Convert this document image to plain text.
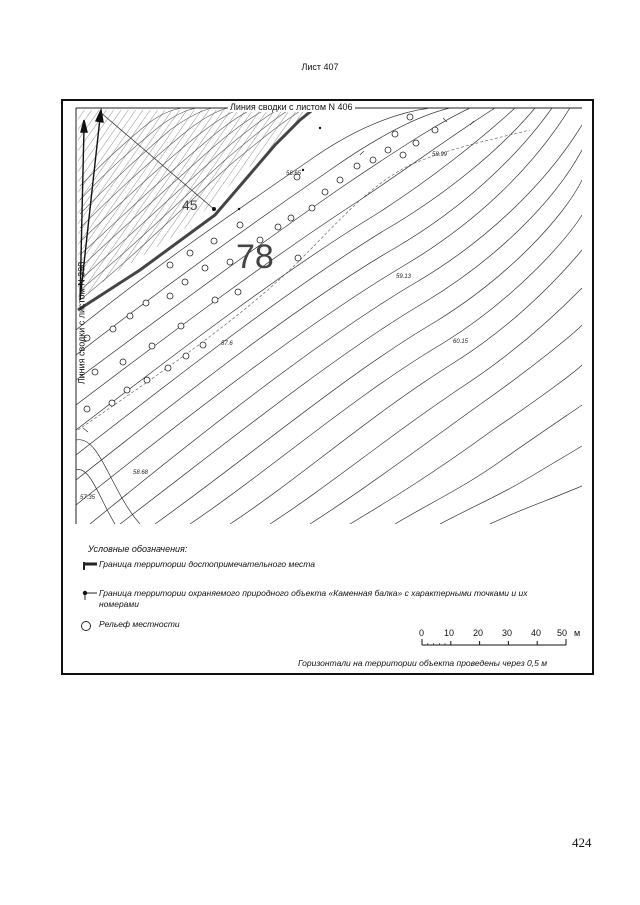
Лист 407
Линия сводки с листом N 406
Линия сводки с листом N 398
45
78
58.99
58.65
59.13
57.6	60.15
58.68
57.35
Условные обозначения:
Граница территории достопримечательного места
Граница территории охраняемого природного объекта «Каменная балка» с характерными точками и их номерами
Рельеф местности
0 10 20 30 40 50 м
Горизонтали на территории объекта проведены через 0,5 м
424
